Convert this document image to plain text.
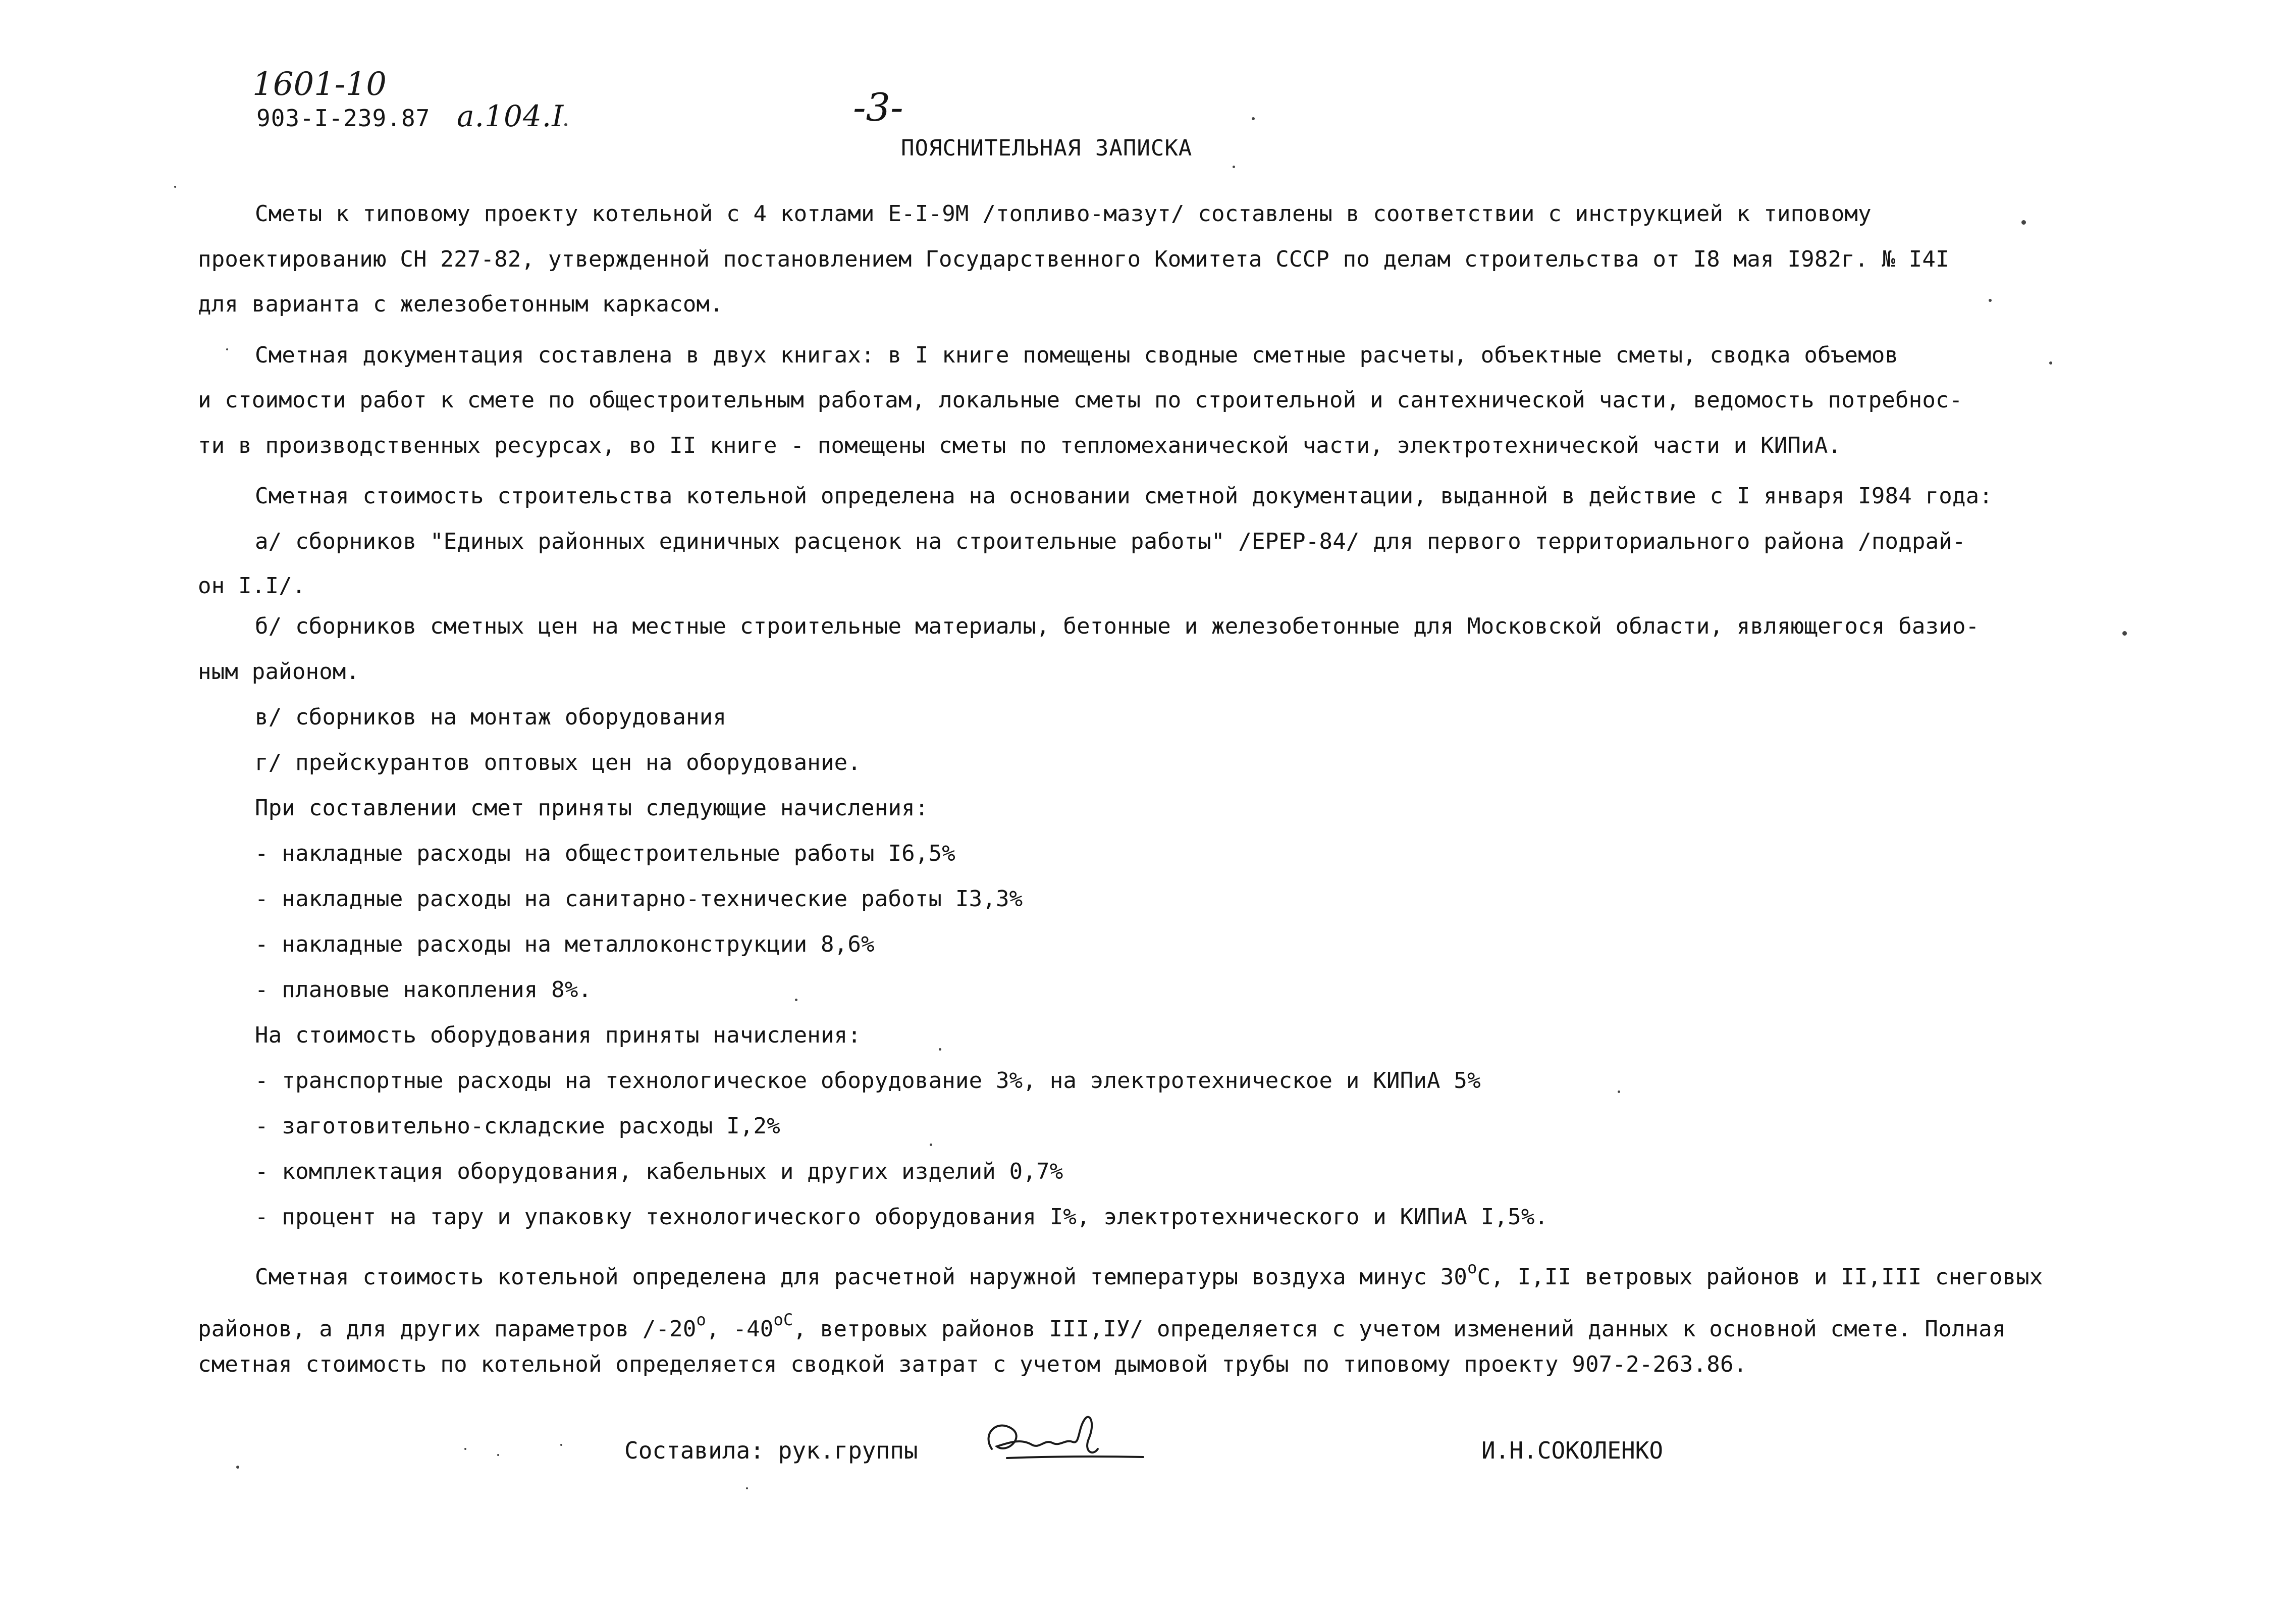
1601-10
903-I-239.87 а.104.I	-3-
ПОЯСНИТЕЛЬНАЯ ЗАПИСКА
Сметы к типовому проекту котельной с 4 котлами Е-I-9М /топливо-мазут/ составлены в соответствии с инструкцией к типовому
проектированию СН 227-82, утвержденной постановлением Государственного Комитета СССР по делам строительства от I8 мая I982г. № I4I
для варианта с железобетонным каркасом.
Сметная документация составлена в двух книгах: в I книге помещены сводные сметные расчеты, объектные сметы, сводка объемов
и стоимости работ к смете по общестроительным работам, локальные сметы по строительной и сантехнической части, ведомость потребнос-
ти в производственных ресурсах, во II книге - помещены сметы по тепломеханической части, электротехнической части и КИПиА.
Сметная стоимость строительства котельной определена на основании сметной документации, выданной в действие с I января I984 года:
а/ сборников "Единых районных единичных расценок на строительные работы" /ЕРЕР-84/ для первого территориального района /подрай-
он I.I/.
б/ сборников сметных цен на местные строительные материалы, бетонные и железобетонные для Московской области, являющегося базио-
ным районом.
в/ сборников на монтаж оборудования
г/ прейскурантов оптовых цен на оборудование.
При составлении смет приняты следующие начисления:
- накладные расходы на общестроительные работы I6,5%
- накладные расходы на санитарно-технические работы I3,3%
- накладные расходы на металлоконструкции 8,6%
- плановые накопления 8%.
На стоимость оборудования приняты начисления:
- транспортные расходы на технологическое оборудование 3%, на электротехническое и КИПиА 5%
- заготовительно-складские расходы I,2%
- комплектация оборудования, кабельных и других изделий 0,7%
- процент на тару и упаковку технологического оборудования I%, электротехнического и КИПиА I,5%.
Сметная стоимость котельной определена для расчетной наружной температуры воздуха минус $30^оС$, I,II ветровых районов и II,III снеговых
районов, а для других параметров $/-20^о$, $-40^{оС}$, ветровых районов III,IУ/ определяется с учетом изменений данных к основной смете. Полная
сметная стоимость по котельной определяется сводкой затрат с учетом дымовой трубы по типовому проекту 907-2-263.86.
Составила: рук.группы	И.Н.СОКОЛЕНКО
